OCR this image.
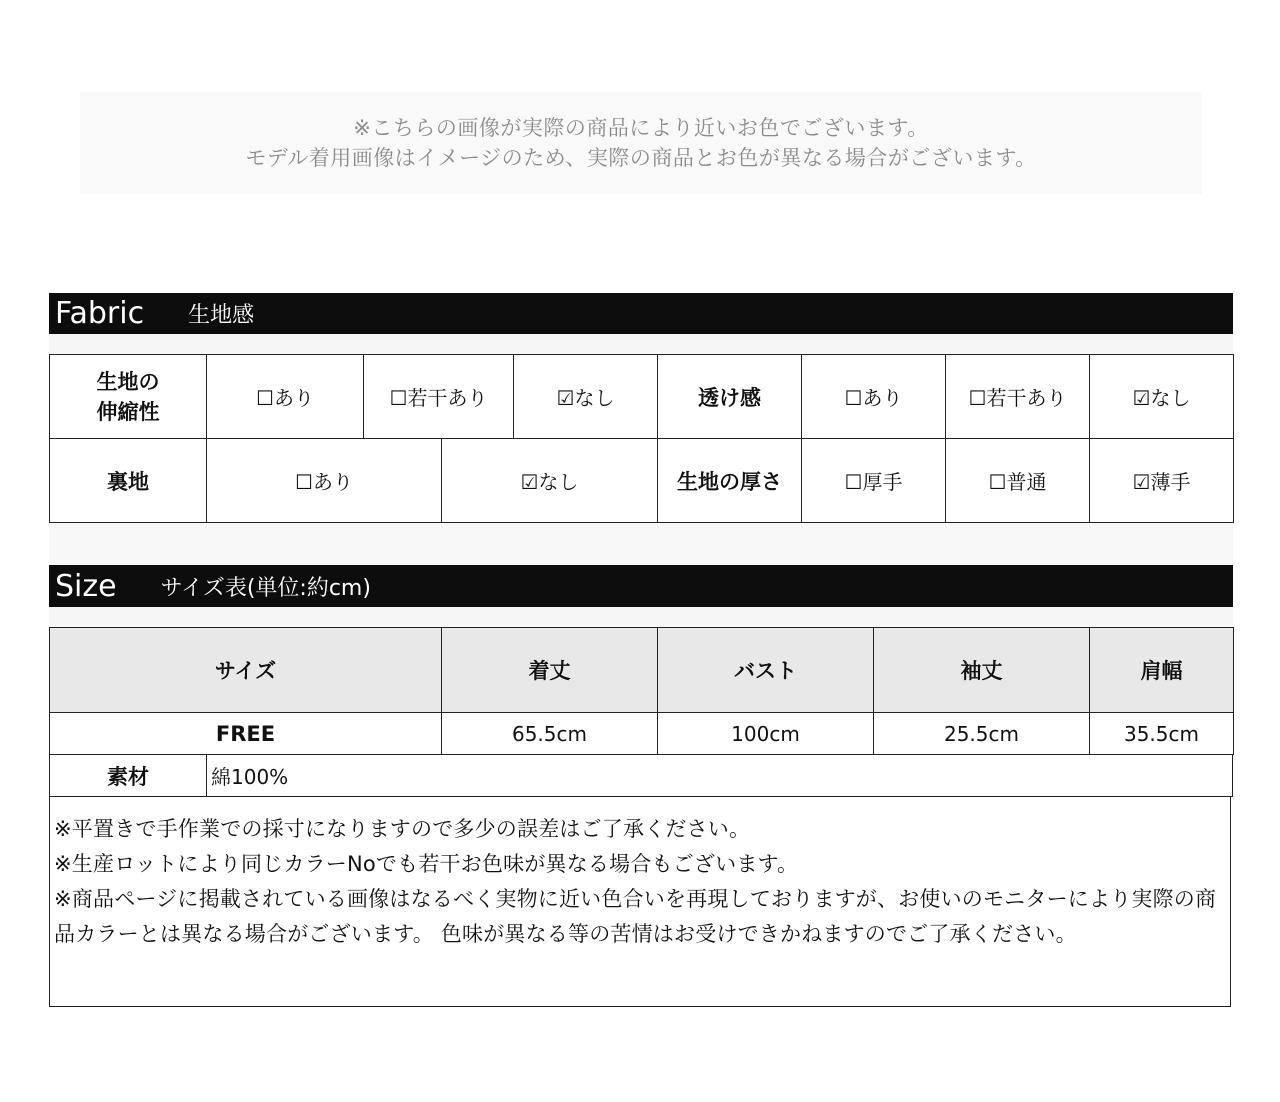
※こちらの画像が実際の商品により近いお色でございます。
モデル着用画像はイメージのため、実際の商品とお色が異なる場合がございます。
Fabric 生地感
生地の
伸縮性	☐あり	☐若干あり		☑なし	透け感	☐あり	☐若干あり	☑なし
裏地	☐あり		☑なし		生地の厚さ	☐厚手	☐普通	☑薄手
Size サイズ表(単位:約cm)
サイズ	着丈	バスト	袖丈	肩幅
FREE	65.5cm	100cm	25.5cm	35.5cm
素材	綿100%
※平置きで手作業での採寸になりますので多少の誤差はご了承ください。
※生産ロットにより同じカラーNoでも若干お色味が異なる場合もございます。
※商品ページに掲載されている画像はなるべく実物に近い色合いを再現しておりますが、お使いのモニターにより実際の商品カラーとは異なる場合がございます。 色味が異なる等の苦情はお受けできかねますのでご了承ください。
